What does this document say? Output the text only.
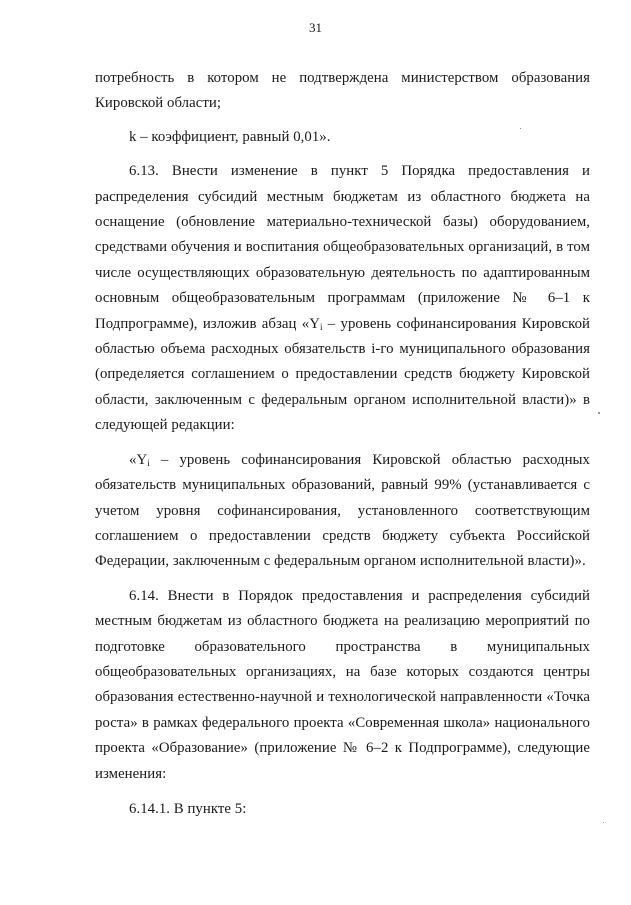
31

потребность в котором не подтверждена министерством образования Кировской области;

k – коэффициент, равный 0,01».

6.13. Внести изменение в пункт 5 Порядка предоставления и распределения субсидий местным бюджетам из областного бюджета на оснащение (обновление материально-технической базы) оборудованием, средствами обучения и воспитания общеобразовательных организаций, в том числе осуществляющих образовательную деятельность по адаптированным основным общеобразовательным программам (приложение № 6–1 к Подпрограмме), изложив абзац «$Y_i$ – уровень софинансирования Кировской областью объема расходных обязательств i-го муниципального образования (определяется соглашением о предоставлении средств бюджету Кировской области, заключенным с федеральным органом исполнительной власти)» в следующей редакции:

«$Y_i$ – уровень софинансирования Кировской областью расходных обязательств муниципальных образований, равный 99% (устанавливается с учетом уровня софинансирования, установленного соответствующим соглашением о предоставлении средств бюджету субъекта Российской Федерации, заключенным с федеральным органом исполнительной власти)».

6.14. Внести в Порядок предоставления и распределения субсидий местным бюджетам из областного бюджета на реализацию мероприятий по подготовке образовательного пространства в муниципальных общеобразовательных организациях, на базе которых создаются центры образования естественно-научной и технологической направленности «Точка роста» в рамках федерального проекта «Современная школа» национального проекта «Образование» (приложение № 6–2 к Подпрограмме), следующие изменения:

6.14.1. В пункте 5:
